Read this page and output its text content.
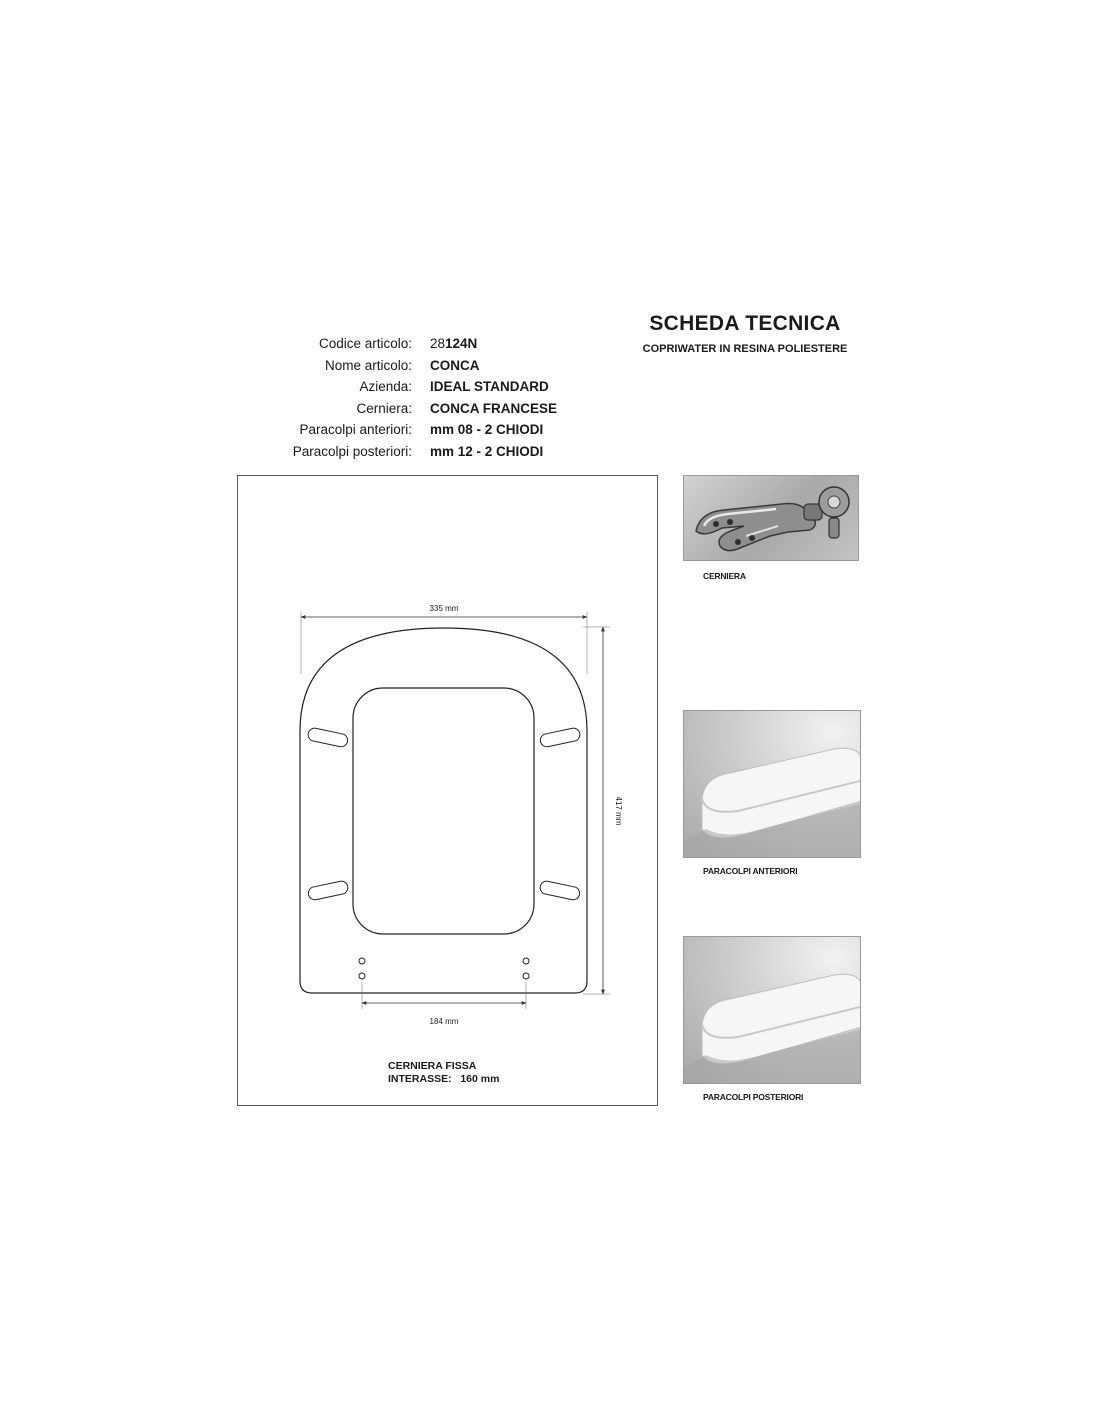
SCHEDA TECNICA
COPRIWATER IN RESINA POLIESTERE
Codice articolo:	28124N
Nome articolo:	CONCA
Azienda:	IDEAL STANDARD
Cerniera:	CONCA FRANCESE
Paracolpi anteriori:	mm 08 - 2 CHIODI
Paracolpi posteriori:	mm 12 - 2 CHIODI
335 mm
417 mm
184 mm
CERNIERA FISSA
INTERASSE:   160 mm
CERNIERA
PARACOLPI ANTERIORI
PARACOLPI POSTERIORI
